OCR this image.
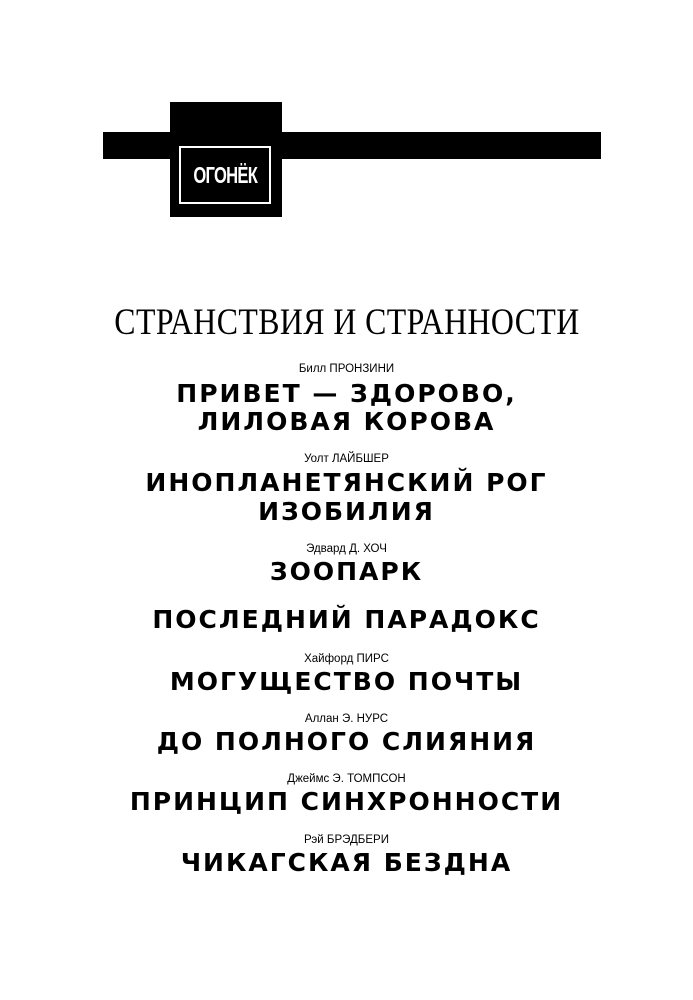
ОГОНЁК
СТРАНСТВИЯ И СТРАННОСТИ
Билл ПРОНЗИНИ
ПРИВЕТ — ЗДОРОВО,
ЛИЛОВАЯ КОРОВА
Уолт ЛАЙБШЕР
ИНОПЛАНЕТЯНСКИЙ РОГ
ИЗОБИЛИЯ
Эдвард Д. ХОЧ
ЗООПАРК
ПОСЛЕДНИЙ ПАРАДОКС
Хайфорд ПИРС
МОГУЩЕСТВО ПОЧТЫ
Аллан Э. НУРС
ДО ПОЛНОГО СЛИЯНИЯ
Джеймс Э. ТОМПСОН
ПРИНЦИП СИНХРОННОСТИ
Рэй БРЭДБЕРИ
ЧИКАГСКАЯ БЕЗДНА
